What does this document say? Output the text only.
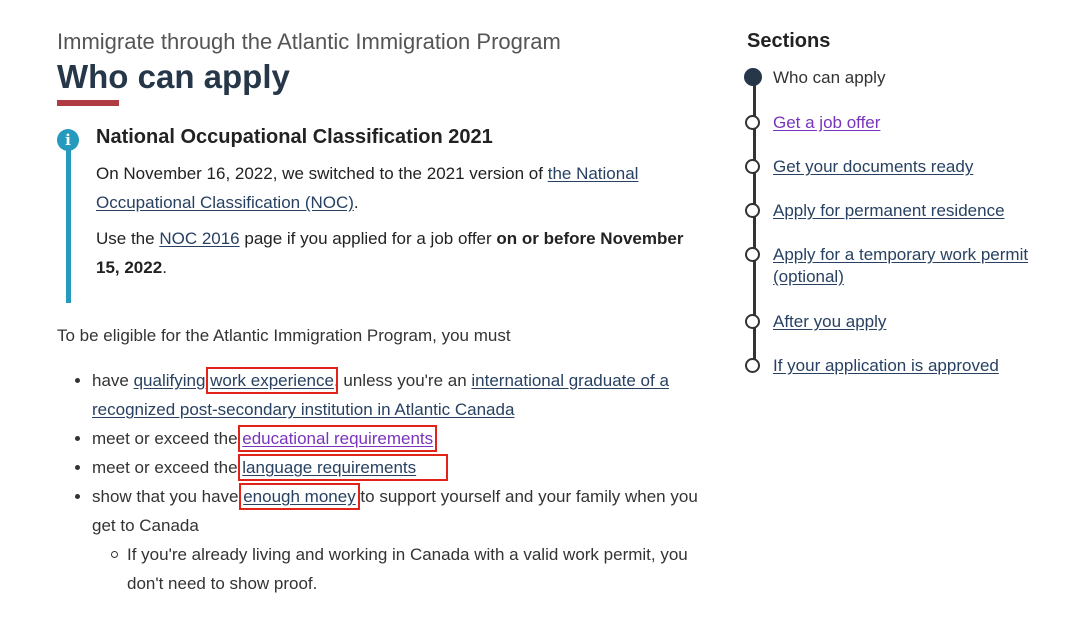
Immigrate through the Atlantic Immigration Program
Who can apply
i	National Occupational Classification 2021

On November 16, 2022, we switched to the 2021 version of the National Occupational Classification (NOC).

Use the NOC 2016 page if you applied for a job offer on or before November 15, 2022.

To be eligible for the Atlantic Immigration Program, you must
have qualifying work experience, unless you're an international graduate of a recognized post-secondary institution in Atlantic Canada
meet or exceed the educational requirements
meet or exceed the language requirements
show that you have enough money to support yourself and your family when you get to Canada
If you're already living and working in Canada with a valid work permit, you don't need to show proof.
Sections
Who can apply
Get a job offer
Get your documents ready
Apply for permanent residence
Apply for a temporary work permit (optional)
After you apply
If your application is approved
